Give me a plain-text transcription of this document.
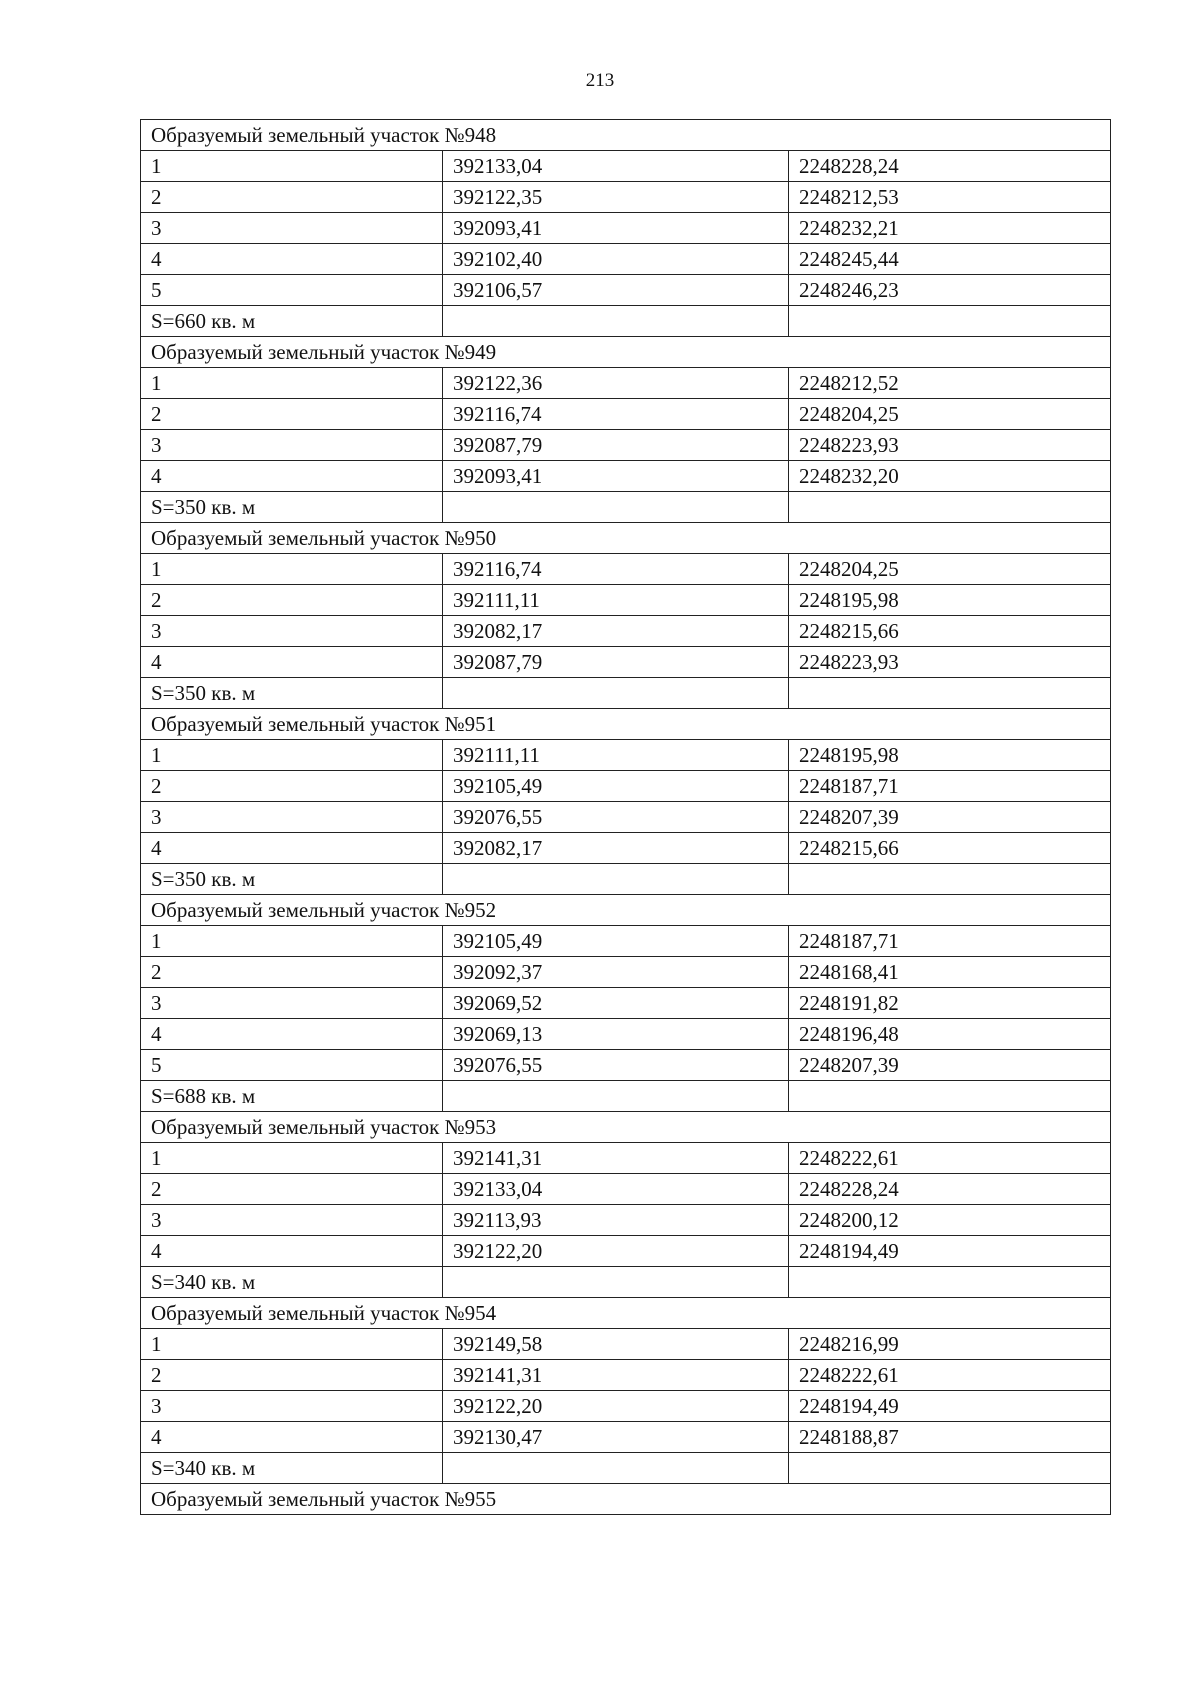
213
Образуемый земельный участок №948		
1	392133,04	2248228,24
2	392122,35	2248212,53
3	392093,41	2248232,21
4	392102,40	2248245,44
5	392106,57	2248246,23
S=660 кв. м		
Образуемый земельный участок №949		
1	392122,36	2248212,52
2	392116,74	2248204,25
3	392087,79	2248223,93
4	392093,41	2248232,20
S=350 кв. м		
Образуемый земельный участок №950		
1	392116,74	2248204,25
2	392111,11	2248195,98
3	392082,17	2248215,66
4	392087,79	2248223,93
S=350 кв. м		
Образуемый земельный участок №951		
1	392111,11	2248195,98
2	392105,49	2248187,71
3	392076,55	2248207,39
4	392082,17	2248215,66
S=350 кв. м		
Образуемый земельный участок №952		
1	392105,49	2248187,71
2	392092,37	2248168,41
3	392069,52	2248191,82
4	392069,13	2248196,48
5	392076,55	2248207,39
S=688 кв. м		
Образуемый земельный участок №953		
1	392141,31	2248222,61
2	392133,04	2248228,24
3	392113,93	2248200,12
4	392122,20	2248194,49
S=340 кв. м		
Образуемый земельный участок №954		
1	392149,58	2248216,99
2	392141,31	2248222,61
3	392122,20	2248194,49
4	392130,47	2248188,87
S=340 кв. м		
Образуемый земельный участок №955		
